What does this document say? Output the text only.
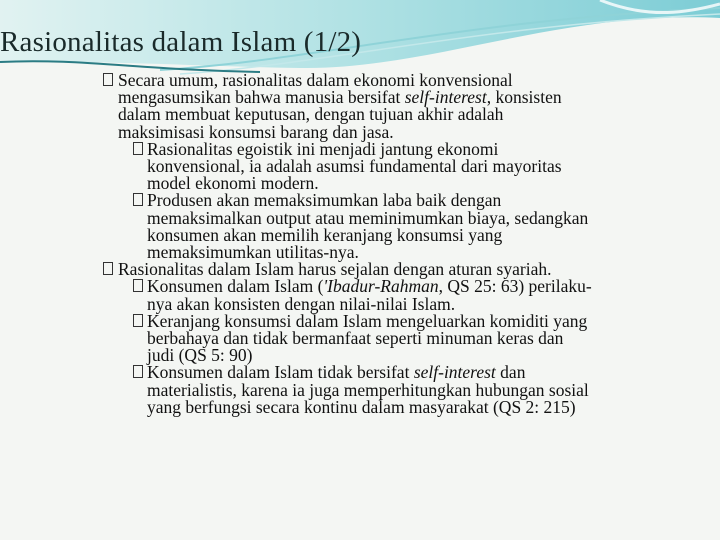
Rasionalitas dalam Islam (1/2)
Secara umum, rasionalitas dalam ekonomi konvensional
mengasumsikan bahwa manusia bersifat self-interest, konsisten
dalam membuat keputusan, dengan tujuan akhir adalah
maksimisasi konsumsi barang dan jasa.
Rasionalitas egoistik ini menjadi jantung ekonomi
konvensional, ia adalah asumsi fundamental dari mayoritas
model ekonomi modern.
Produsen akan memaksimumkan laba baik dengan
memaksimalkan output atau meminimumkan biaya, sedangkan
konsumen akan memilih keranjang konsumsi yang
memaksimumkan utilitas-nya.
Rasionalitas dalam Islam harus sejalan dengan aturan syariah.
Konsumen dalam Islam ('Ibadur-Rahman, QS 25: 63) perilaku-
nya akan konsisten dengan nilai-nilai Islam.
Keranjang konsumsi dalam Islam mengeluarkan komiditi yang
berbahaya dan tidak bermanfaat seperti minuman keras dan
judi (QS 5: 90)
Konsumen dalam Islam tidak bersifat self-interest dan
materialistis, karena ia juga memperhitungkan hubungan sosial
yang berfungsi secara kontinu dalam masyarakat (QS 2: 215)
